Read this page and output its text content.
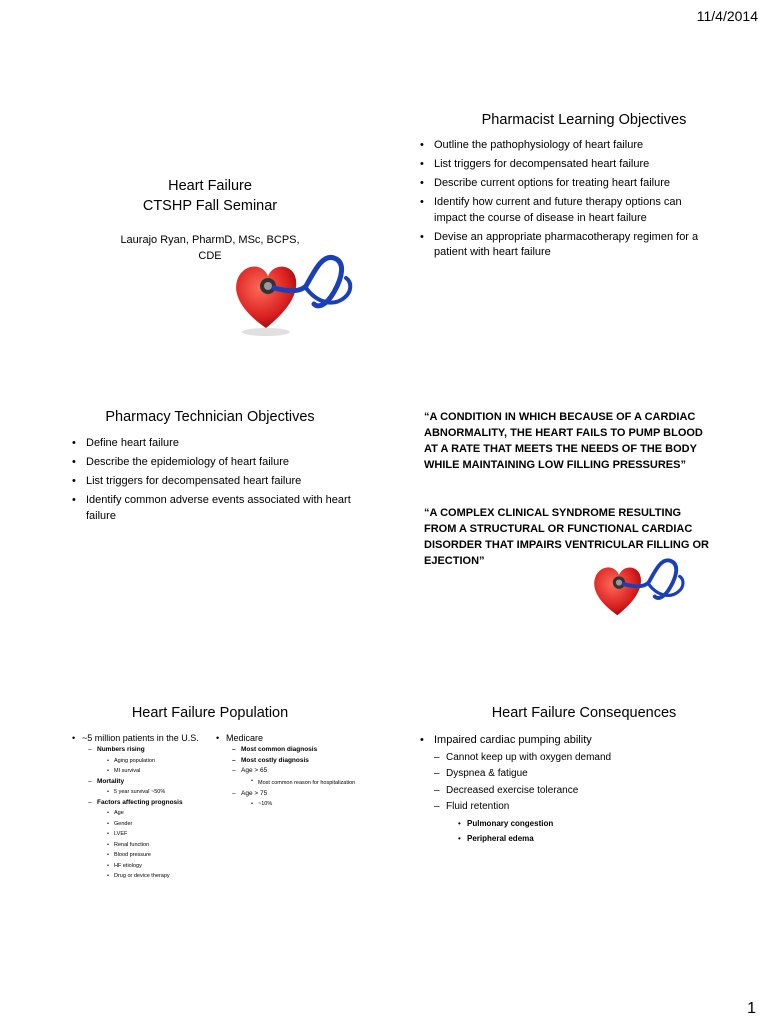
11/4/2014
Heart Failure
CTSHP Fall Seminar
Laurajo Ryan, PharmD, MSc, BCPS,
CDE
Pharmacist Learning Objectives
• Outline the pathophysiology of heart failure
• List triggers for decompensated heart failure
• Describe current options for treating heart failure
• Identify how current and future therapy options can impact the course of disease in heart failure
• Devise an appropriate pharmacotherapy regimen for a patient with heart failure
Pharmacy Technician Objectives
• Define heart failure
• Describe the epidemiology of heart failure
• List triggers for decompensated heart failure
• Identify common adverse events associated with heart failure
“A CONDITION IN WHICH BECAUSE OF A CARDIAC ABNORMALITY, THE HEART FAILS TO PUMP BLOOD AT A RATE THAT MEETS THE NEEDS OF THE BODY WHILE MAINTAINING LOW FILLING PRESSURES”
“A COMPLEX CLINICAL SYNDROME RESULTING FROM A STRUCTURAL OR FUNCTIONAL CARDIAC DISORDER THAT IMPAIRS VENTRICULAR FILLING OR EJECTION”
Heart Failure Population
• ~5 million patients in the U.S.
– Numbers rising
• Aging population
• MI survival
– Mortality
• 5 year survival ~50%
– Factors affecting prognosis
• Age
• Gender
• LVEF
• Renal function
• Blood pressure
• HF etiology
• Drug or device therapy
• Medicare
– Most common diagnosis
– Most costly diagnosis
– Age > 65
• Most common reason for hospitalization
– Age > 75
• ~10%
Heart Failure Consequences
• Impaired cardiac pumping ability
– Cannot keep up with oxygen demand
– Dyspnea & fatigue
– Decreased exercise tolerance
– Fluid retention
• Pulmonary congestion
• Peripheral edema
1
